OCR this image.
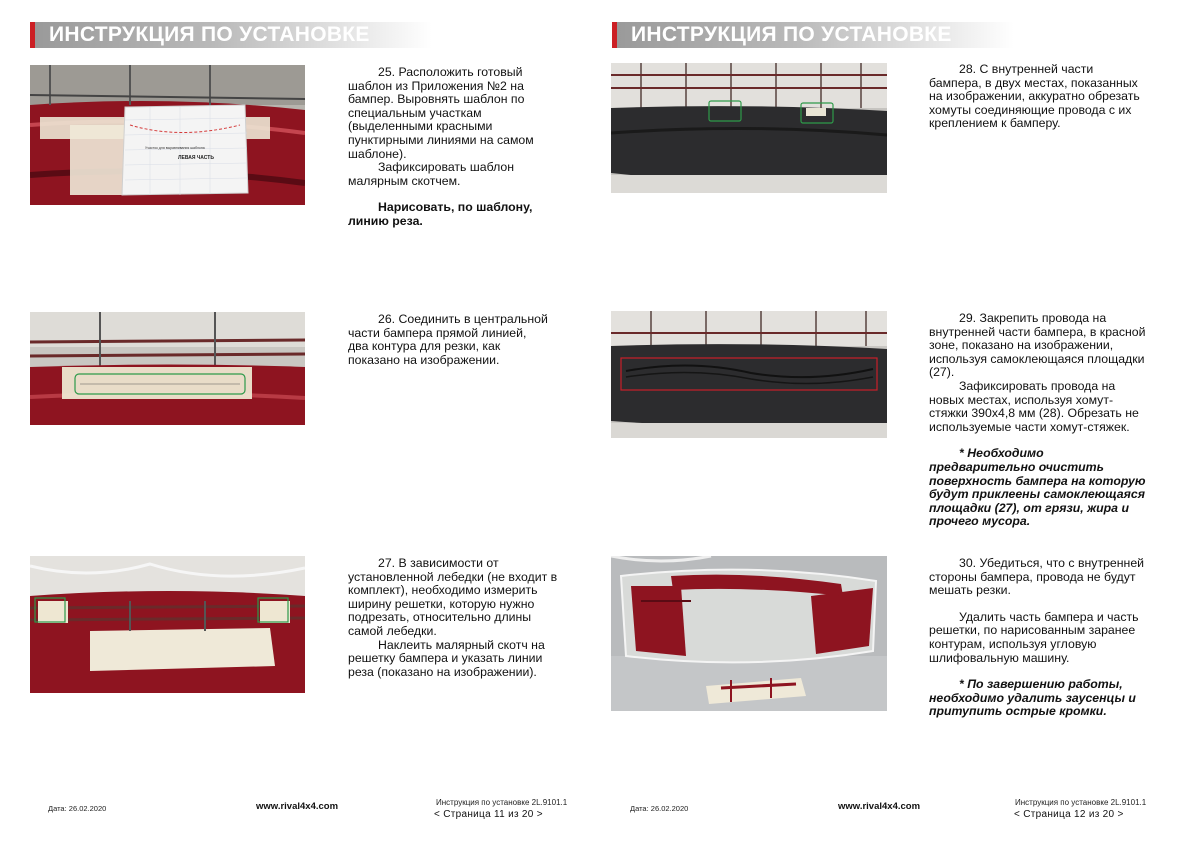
ИНСТРУКЦИЯ ПО УСТАНОВКЕ
ЛЕВАЯ ЧАСТЬ
Участок для выравнивания шаблона

25. Расположить готовый шаблон из Приложения №2 на бампер. Выровнять шаблон по специальным участкам (выделенными красными пунктирными линиями на самом шаблоне).

Зафиксировать шаблон малярным скотчем.

Нарисовать, по шаблону, линию реза.

26. Соединить в центральной части бампера прямой линией, два контура для резки, как показано на изображении.

27. В зависимости от установленной лебедки (не входит в комплект), необходимо измерить ширину решетки, которую нужно подрезать, относительно длины самой лебедки.

Наклеить малярный скотч на решетку бампера и указать линии реза (показано на изображении).

Дата: 26.02.2020	www.rival4x4.com	Инструкция по установке 2L.9101.1
< Страница 11 из 20 >
ИНСТРУКЦИЯ ПО УСТАНОВКЕ

28. С внутренней части бампера, в двух местах, показанных на изображении, аккуратно обрезать хомуты соединяющие провода с их креплением к бамперу.

29. Закрепить провода на внутренней части бампера, в красной зоне, показано на изображении, используя самоклеющаяся площадки (27).

Зафиксировать провода на новых местах, используя хомут-стяжки 390х4,8 мм (28). Обрезать не используемые части хомут-стяжек.

* Необходимо предварительно очистить поверхность бампера на которую будут приклеены самоклеющаяся площадки (27), от грязи, жира и прочего мусора.

30. Убедиться, что с внутренней стороны бампера, провода не будут мешать резки.

Удалить часть бампера и часть решетки, по нарисованным заранее контурам, используя угловую шлифовальную машину.

* По завершению работы, необходимо удалить заусенцы и притупить острые кромки.

Дата: 26.02.2020	www.rival4x4.com	Инструкция по установке 2L.9101.1
< Страница 12 из 20 >
